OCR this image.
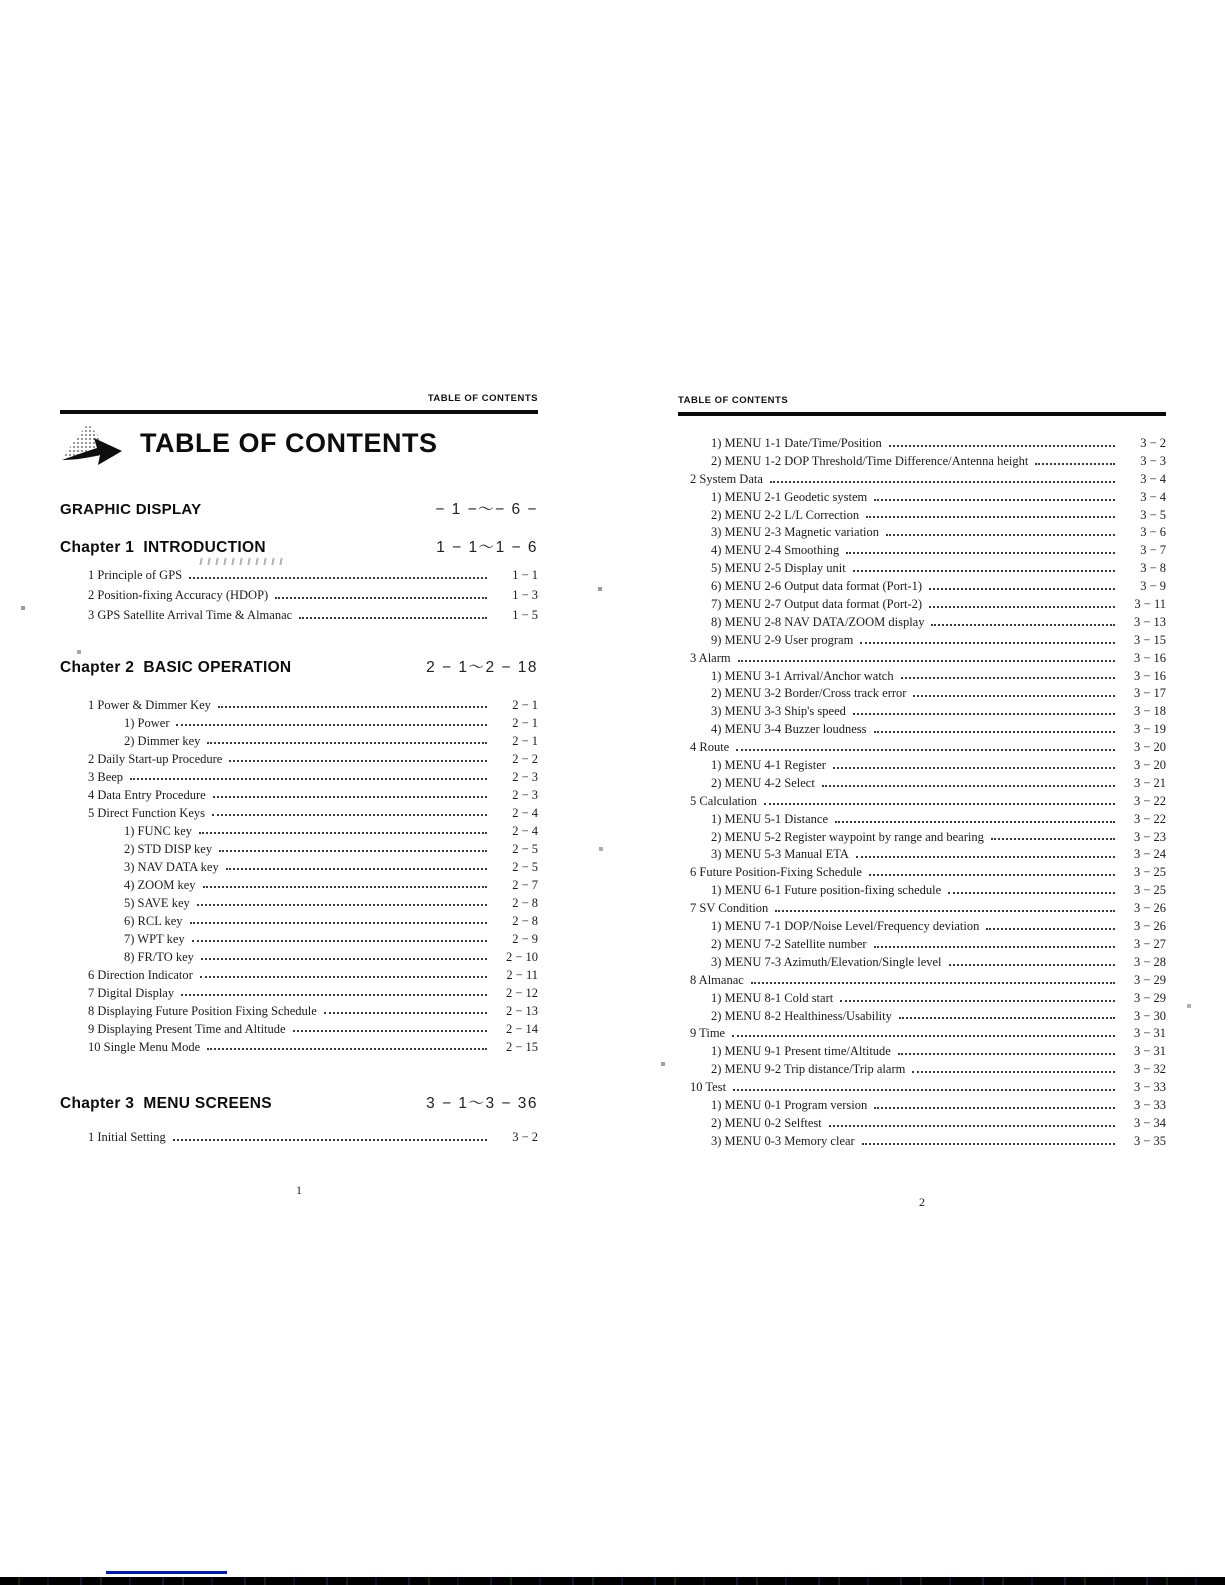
TABLE OF CONTENTS
TABLE OF CONTENTS
GRAPHIC DISPLAY	− 1 −～− 6 −
Chapter 1  INTRODUCTION	1 − 1～1 − 6
1 Principle of GPS	1 − 1
2 Position-fixing Accuracy (HDOP)	1 − 3
3 GPS Satellite Arrival Time & Almanac	1 − 5
Chapter 2  BASIC OPERATION	2 − 1～2 − 18
1 Power & Dimmer Key	2 − 1
1) Power	2 − 1
2) Dimmer key	2 − 1
2 Daily Start-up Procedure	2 − 2
3 Beep	2 − 3
4 Data Entry Procedure	2 − 3
5 Direct Function Keys	2 − 4
1) FUNC key	2 − 4
2) STD DISP key	2 − 5
3) NAV DATA key	2 − 5
4) ZOOM key	2 − 7
5) SAVE key	2 − 8
6) RCL key	2 − 8
7) WPT key	2 − 9
8) FR/TO key	2 − 10
6 Direction Indicator	2 − 11
7 Digital Display	2 − 12
8 Displaying Future Position Fixing Schedule	2 − 13
9 Displaying Present Time and Altitude	2 − 14
10 Single Menu Mode	2 − 15
Chapter 3  MENU SCREENS	3 − 1～3 − 36
1 Initial Setting	3 − 2
1
TABLE OF CONTENTS
1) MENU 1-1 Date/Time/Position	3 − 2
2) MENU 1-2 DOP Threshold/Time Difference/Antenna height	3 − 3
2 System Data	3 − 4
1) MENU 2-1 Geodetic system	3 − 4
2) MENU 2-2 L/L Correction	3 − 5
3) MENU 2-3 Magnetic variation	3 − 6
4) MENU 2-4 Smoothing	3 − 7
5) MENU 2-5 Display unit	3 − 8
6) MENU 2-6 Output data format (Port-1)	3 − 9
7) MENU 2-7 Output data format (Port-2)	3 − 11
8) MENU 2-8 NAV DATA/ZOOM display	3 − 13
9) MENU 2-9 User program	3 − 15
3 Alarm	3 − 16
1) MENU 3-1 Arrival/Anchor watch	3 − 16
2) MENU 3-2 Border/Cross track error	3 − 17
3) MENU 3-3 Ship's speed	3 − 18
4) MENU 3-4 Buzzer loudness	3 − 19
4 Route	3 − 20
1) MENU 4-1 Register	3 − 20
2) MENU 4-2 Select	3 − 21
5 Calculation	3 − 22
1) MENU 5-1 Distance	3 − 22
2) MENU 5-2 Register waypoint by range and bearing	3 − 23
3) MENU 5-3 Manual ETA	3 − 24
6 Future Position-Fixing Schedule	3 − 25
1) MENU 6-1 Future position-fixing schedule	3 − 25
7 SV Condition	3 − 26
1) MENU 7-1 DOP/Noise Level/Frequency deviation	3 − 26
2) MENU 7-2 Satellite number	3 − 27
3) MENU 7-3 Azimuth/Elevation/Single level	3 − 28
8 Almanac	3 − 29
1) MENU 8-1 Cold start	3 − 29
2) MENU 8-2 Healthiness/Usability	3 − 30
9 Time	3 − 31
1) MENU 9-1 Present time/Altitude	3 − 31
2) MENU 9-2 Trip distance/Trip alarm	3 − 32
10 Test	3 − 33
1) MENU 0-1 Program version	3 − 33
2) MENU 0-2 Selftest	3 − 34
3) MENU 0-3 Memory clear	3 − 35
2
